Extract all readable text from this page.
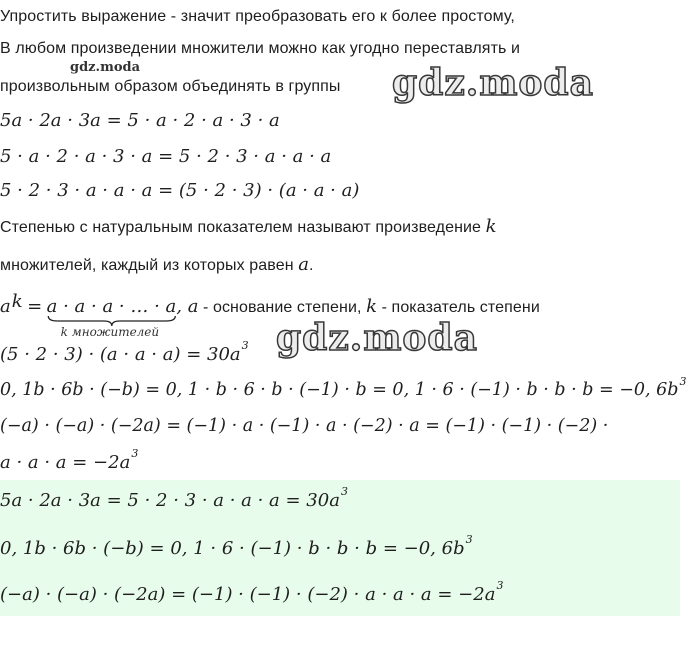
Упростить выражение - значит преобразовать его к более простому,
В любом произведении множители можно как угодно переставлять и
произвольным образом объединять в группы
gdz.moda	gdz.moda
5a · 2a · 3a = 5 · a · 2 · a · 3 · a
5 · a · 2 · a · 3 · a = 5 · 2 · 3 · a · a · a
5 · 2 · 3 · a · a · a = (5 · 2 · 3) · (a · a · a)
Степенью с натуральным показателем называют произведение k
множителей, каждый из которых равен a.
$a^k = a \cdot a \cdot a$ · … · a
k множителей
, a - основание степени, k - показатель степени
gdz.moda
$(5 \cdot 2 \cdot 3) \cdot (a \cdot a \cdot a) = 30a^3$
0, 1b · 6b · (−b) = 0, 1 · b · 6 · b · (−1) · b = 0, 1 · 6 · (−1) · b · b · b = −0, $6b^3$
(−a) · (−a) · (−2a) = (−1) · a · (−1) · a · (−2) · a = (−1) · (−1) · (−2) ·
$a \cdot a \cdot a = -2a^3$
$5a \cdot 2a \cdot 3a = 5 \cdot 2 \cdot 3 \cdot a \cdot a \cdot a = 30a^3$
0, 1b · 6b · (−b) = 0, 1 · 6 · (−1) · b · b · b = −0, $6b^3$
$(-a) \cdot (-a) \cdot (-2a) = (-1) \cdot (-1) \cdot (-2) \cdot a \cdot a \cdot a = -2a^3$
